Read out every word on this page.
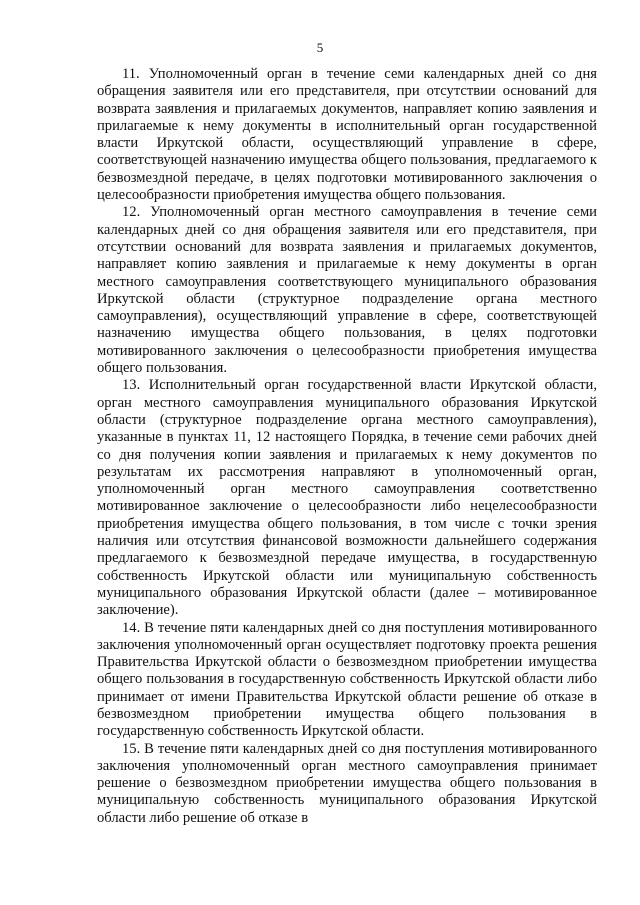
5

11. Уполномоченный орган в течение семи календарных дней со дня обращения заявителя или его представителя, при отсутствии оснований для возврата заявления и прилагаемых документов, направляет копию заявления и прилагаемые к нему документы в исполнительный орган государственной власти Иркутской области, осуществляющий управление в сфере, соответствующей назначению имущества общего пользования, предлагаемого к безвозмездной передаче, в целях подготовки мотивированного заключения о целесообразности приобретения имущества общего пользования.

12. Уполномоченный орган местного самоуправления в течение семи календарных дней со дня обращения заявителя или его представителя, при отсутствии оснований для возврата заявления и прилагаемых документов, направляет копию заявления и прилагаемые к нему документы в орган местного самоуправления соответствующего муниципального образования Иркутской области (структурное подразделение органа местного самоуправления), осуществляющий управление в сфере, соответствующей назначению имущества общего пользования, в целях подготовки мотивированного заключения о целесообразности приобретения имущества общего пользования.

13. Исполнительный орган государственной власти Иркутской области, орган местного самоуправления муниципального образования Иркутской области (структурное подразделение органа местного самоуправления), указанные в пунктах 11, 12 настоящего Порядка, в течение семи рабочих дней со дня получения копии заявления и прилагаемых к нему документов по результатам их рассмотрения направляют в уполномоченный орган, уполномоченный орган местного самоуправления соответственно мотивированное заключение о целесообразности либо нецелесообразности приобретения имущества общего пользования, в том числе с точки зрения наличия или отсутствия финансовой возможности дальнейшего содержания предлагаемого к безвозмездной передаче имущества, в государственную собственность Иркутской области или муниципальную собственность муниципального образования Иркутской области (далее – мотивированное заключение).

14. В течение пяти календарных дней со дня поступления мотивированного заключения уполномоченный орган осуществляет подготовку проекта решения Правительства Иркутской области о безвозмездном приобретении имущества общего пользования в государственную собственность Иркутской области либо принимает от имени Правительства Иркутской области решение об отказе в безвозмездном приобретении имущества общего пользования в государственную собственность Иркутской области.

15. В течение пяти календарных дней со дня поступления мотивированного заключения уполномоченный орган местного самоуправления принимает решение о безвозмездном приобретении имущества общего пользования в муниципальную собственность муниципального образования Иркутской области либо решение об отказе в
